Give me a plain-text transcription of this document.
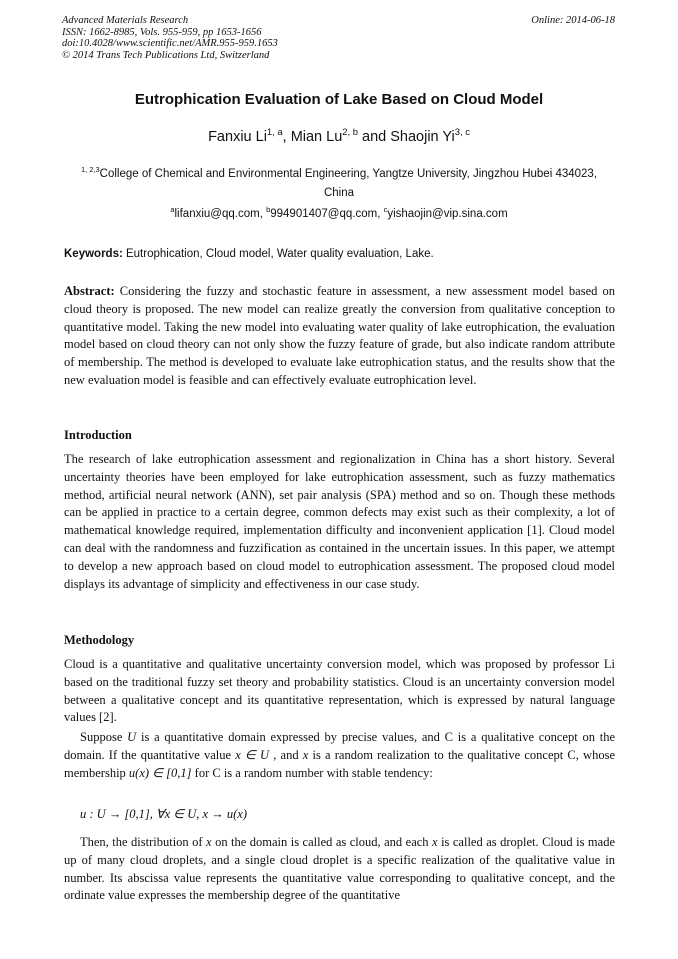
Advanced Materials Research
ISSN: 1662-8985, Vols. 955-959, pp 1653-1656
doi:10.4028/www.scientific.net/AMR.955-959.1653
© 2014 Trans Tech Publications Ltd, Switzerland
Online: 2014-06-18
Eutrophication Evaluation of Lake Based on Cloud Model
Fanxiu Li$^{1, a}$, Mian Lu$^{2, b}$ and Shaojin Yi$^{3, c}$
$^{1, 2,3}$College of Chemical and Environmental Engineering, Yangtze University, Jingzhou Hubei 434023, China
$^a$lifanxiu@qq.com, $^b$994901407@qq.com, $^c$yishaojin@vip.sina.com
Keywords: Eutrophication, Cloud model, Water quality evaluation, Lake.
Abstract: Considering the fuzzy and stochastic feature in assessment, a new assessment model based on cloud theory is proposed. The new model can realize greatly the conversion from qualitative conception to quantitative model. Taking the new model into evaluating water quality of lake eutrophication, the evaluation model based on cloud theory can not only show the fuzzy feature of grade, but also indicate random attribute of membership. The method is developed to evaluate lake eutrophication status, and the results show that the new evaluation model is feasible and can effectively evaluate eutrophication level.
Introduction
The research of lake eutrophication assessment and regionalization in China has a short history. Several uncertainty theories have been employed for lake eutrophication assessment, such as fuzzy mathematics method, artificial neural network (ANN), set pair analysis (SPA) method and so on. Though these methods can be applied in practice to a certain degree, common defects may exist such as their complexity, a lot of mathematical knowledge required, implementation difficulty and inconvenient application [1]. Cloud model can deal with the randomness and fuzzification as contained in the uncertain issues. In this paper, we attempt to develop a new approach based on cloud model to eutrophication assessment. The proposed cloud model displays its advantage of simplicity and effectiveness in our case study.
Methodology
Cloud is a quantitative and qualitative uncertainty conversion model, which was proposed by professor Li based on the traditional fuzzy set theory and probability statistics. Cloud is an uncertainty conversion model between a qualitative concept and its quantitative representation, which is expressed by natural language values [2].
Suppose U is a quantitative domain expressed by precise values, and C is a qualitative concept on the domain. If the quantitative value x ∈ U , and x is a random realization to the qualitative concept C, whose membership u(x) ∈ [0,1] for C is a random number with stable tendency:
u : U → [0,1], ∀x ∈ U, x → u(x)
Then, the distribution of x on the domain is called as cloud, and each x is called as droplet. Cloud is made up of many cloud droplets, and a single cloud droplet is a specific realization of the qualitative value in number. Its abscissa value represents the quantitative value corresponding to qualitative concept, and the ordinate value expresses the membership degree of the quantitative
